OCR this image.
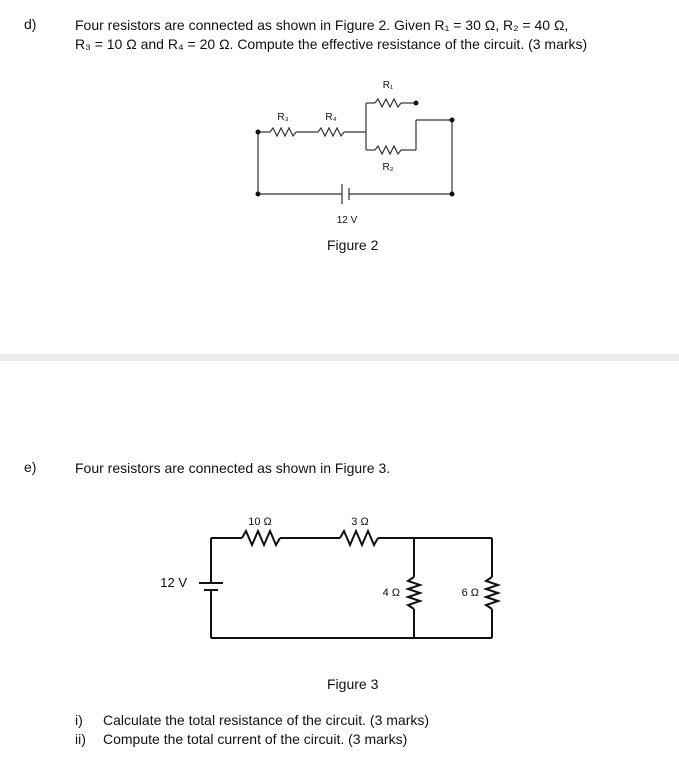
d)	Four resistors are connected as shown in Figure 2. Given R₁ = 30 Ω, R₂ = 40 Ω,
R₃ = 10 Ω and R₄ = 20 Ω. Compute the effective resistance of the circuit. (3 marks)
R₁
R₃	R₄
R₂
12 V
Figure 2
e)	Four resistors are connected as shown in Figure 3.
10 Ω	3 Ω
4 Ω	6 Ω
12 V
Figure 3
i)	Calculate the total resistance of the circuit. (3 marks)
ii)	Compute the total current of the circuit. (3 marks)
